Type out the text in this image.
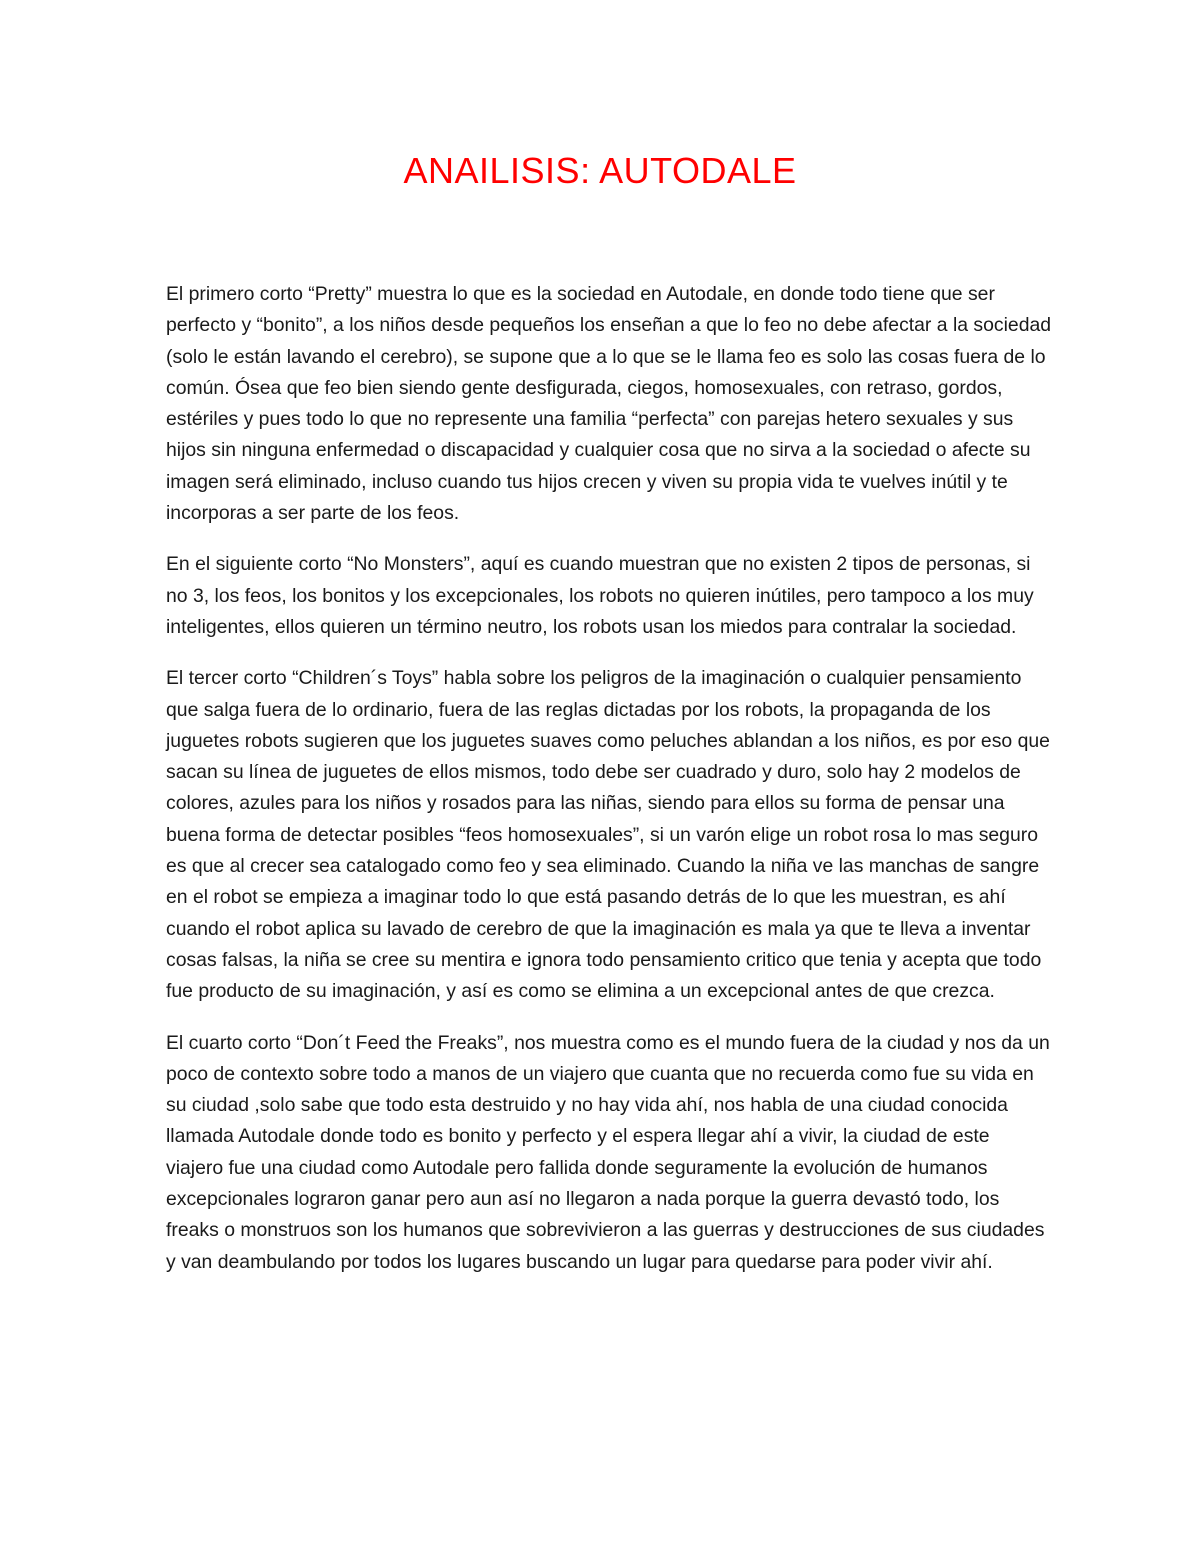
ANAILISIS: AUTODALE

El primero corto “Pretty” muestra lo que es la sociedad en Autodale, en donde todo tiene que ser perfecto y “bonito”, a los niños desde pequeños los enseñan a que lo feo no debe afectar a la sociedad (solo le están lavando el cerebro), se supone que a lo que se le llama feo es solo las cosas fuera de lo común. Ósea que feo bien siendo gente desfigurada, ciegos, homosexuales, con retraso, gordos, estériles y pues todo lo que no represente una familia “perfecta” con parejas hetero sexuales y sus hijos sin ninguna enfermedad o discapacidad y cualquier cosa que no sirva a la sociedad o afecte su imagen será eliminado, incluso cuando tus hijos crecen y viven su propia vida te vuelves inútil y te incorporas a ser parte de los feos.

En el siguiente corto “No Monsters”, aquí es cuando muestran que no existen 2 tipos de personas, si no 3, los feos, los bonitos y los excepcionales, los robots no quieren inútiles, pero tampoco a los muy inteligentes, ellos quieren un término neutro, los robots usan los miedos para contralar la sociedad.

El tercer corto “Children´s Toys” habla sobre los peligros de la imaginación o cualquier pensamiento que salga fuera de lo ordinario, fuera de las reglas dictadas por los robots, la propaganda de los juguetes robots sugieren que los juguetes suaves como peluches ablandan a los niños, es por eso que sacan su línea de juguetes de ellos mismos, todo debe ser cuadrado y duro, solo hay 2 modelos de colores, azules para los niños y rosados para las niñas, siendo para ellos su forma de pensar una buena forma de detectar posibles “feos homosexuales”, si un varón elige un robot rosa lo mas seguro es que al crecer sea catalogado como feo y sea eliminado. Cuando la niña ve las manchas de sangre en el robot se empieza a imaginar todo lo que está pasando detrás de lo que les muestran, es ahí cuando el robot aplica su lavado de cerebro de que la imaginación es mala ya que te lleva a inventar cosas falsas, la niña se cree su mentira e ignora todo pensamiento critico que tenia y acepta que todo fue producto de su imaginación, y así es como se elimina a un excepcional antes de que crezca.

El cuarto corto “Don´t Feed the Freaks”, nos muestra como es el mundo fuera de la ciudad y nos da un poco de contexto sobre todo a manos de un viajero que cuanta que no recuerda como fue su vida en su ciudad ,solo sabe que todo esta destruido y no hay vida ahí, nos habla de una ciudad conocida llamada Autodale donde todo es bonito y perfecto y el espera llegar ahí a vivir, la ciudad de este viajero fue una ciudad como Autodale pero fallida donde seguramente la evolución de humanos excepcionales lograron ganar pero aun así no llegaron a nada porque la guerra devastó todo, los freaks o monstruos son los humanos que sobrevivieron a las guerras y destrucciones de sus ciudades y van deambulando por todos los lugares buscando un lugar para quedarse para poder vivir ahí.
